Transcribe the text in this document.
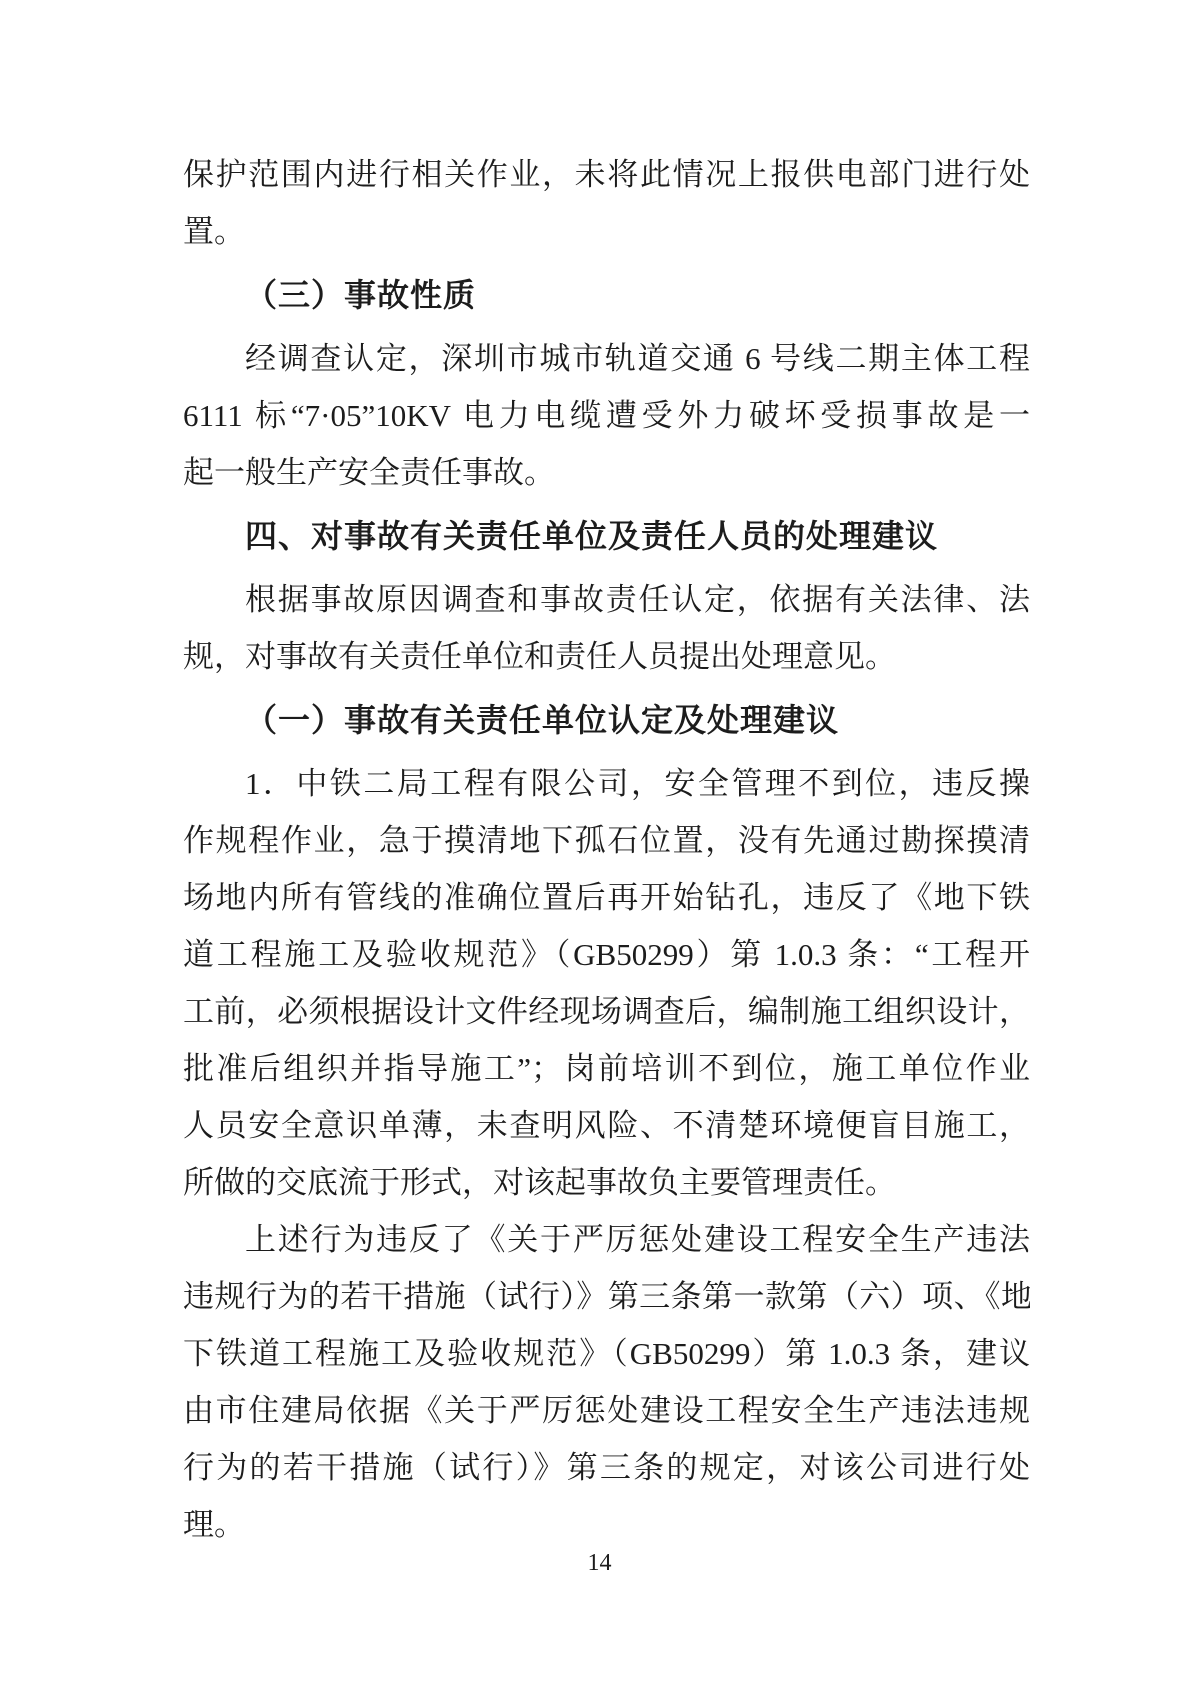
保护范围内进行相关作业，未将此情况上报供电部门进行处
置。
（三）事故性质
经调查认定，深圳市城市轨道交通 6 号线二期主体工程
6111 标“7·05”10KV 电力电缆遭受外力破坏受损事故是一
起一般生产安全责任事故。
四、对事故有关责任单位及责任人员的处理建议
根据事故原因调查和事故责任认定，依据有关法律、法
规，对事故有关责任单位和责任人员提出处理意见。
（一）事故有关责任单位认定及处理建议
1．中铁二局工程有限公司，安全管理不到位，违反操
作规程作业，急于摸清地下孤石位置，没有先通过勘探摸清
场地内所有管线的准确位置后再开始钻孔，违反了《地下铁
道工程施工及验收规范》（GB50299）第 1.0.3 条：“工程开
工前，必须根据设计文件经现场调查后，编制施工组织设计，
批准后组织并指导施工”；岗前培训不到位，施工单位作业
人员安全意识单薄，未查明风险、不清楚环境便盲目施工，
所做的交底流于形式，对该起事故负主要管理责任。
上述行为违反了《关于严厉惩处建设工程安全生产违法
违规行为的若干措施（试行）》第三条第一款第（六）项、《地
下铁道工程施工及验收规范》（GB50299）第 1.0.3 条，建议
由市住建局依据《关于严厉惩处建设工程安全生产违法违规
行为的若干措施（试行）》第三条的规定，对该公司进行处
理。
14
